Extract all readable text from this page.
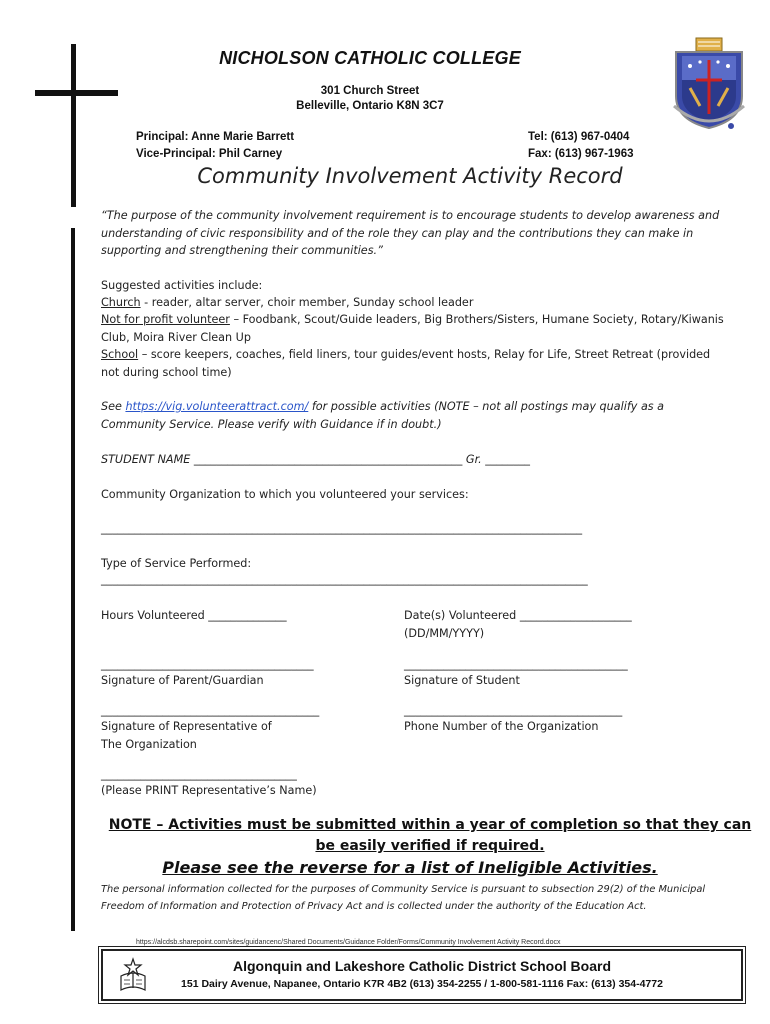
NICHOLSON CATHOLIC COLLEGE
301 Church Street
Belleville, Ontario K8N 3C7
Principal: Anne Marie Barrett
Vice-Principal: Phil Carney
Tel: (613) 967-0404
Fax: (613) 967-1963
Community Involvement Activity Record
“The purpose of the community involvement requirement is to encourage students to develop awareness and understanding of civic responsibility and of the role they can play and the contributions they can make in supporting and strengthening their communities.”
Suggested activities include:
Church - reader, altar server, choir member, Sunday school leader
Not for profit volunteer – Foodbank, Scout/Guide leaders, Big Brothers/Sisters, Humane Society, Rotary/Kiwanis Club, Moira River Clean Up
School – score keepers, coaches, field liners, tour guides/event hosts, Relay for Life, Street Retreat (provided not during school time)
See https://vig.volunteerattract.com/ for possible activities (NOTE – not all postings may qualify as a Community Service. Please verify with Guidance if in doubt.)
STUDENT NAME ________________________________________________ Gr. ________
Community Organization to which you volunteered your services:
______________________________________________________________________________________
Type of Service Performed:
_______________________________________________________________________________________
Hours Volunteered ______________	Date(s) Volunteered ____________________
(DD/MM/YYYY)
______________________________________
Signature of Parent/Guardian
________________________________________
Signature of Student
_______________________________________
Signature of Representative of
The Organization
_______________________________________
Phone Number of the Organization
___________________________________
(Please PRINT Representative’s Name)
NOTE – Activities must be submitted within a year of completion so that they can be easily verified if required.
Please see the reverse for a list of Ineligible Activities.
The personal information collected for the purposes of Community Service is pursuant to subsection 29(2) of the Municipal Freedom of Information and Protection of Privacy Act and is collected under the authority of the Education Act.
https://alcdsb.sharepoint.com/sites/guidancenc/Shared Documents/Guidance Folder/Forms/Community Involvement Activity Record.docx
Algonquin and Lakeshore Catholic District School Board
151 Dairy Avenue, Napanee, Ontario K7R 4B2 (613) 354-2255 / 1-800-581-1116 Fax: (613) 354-4772
